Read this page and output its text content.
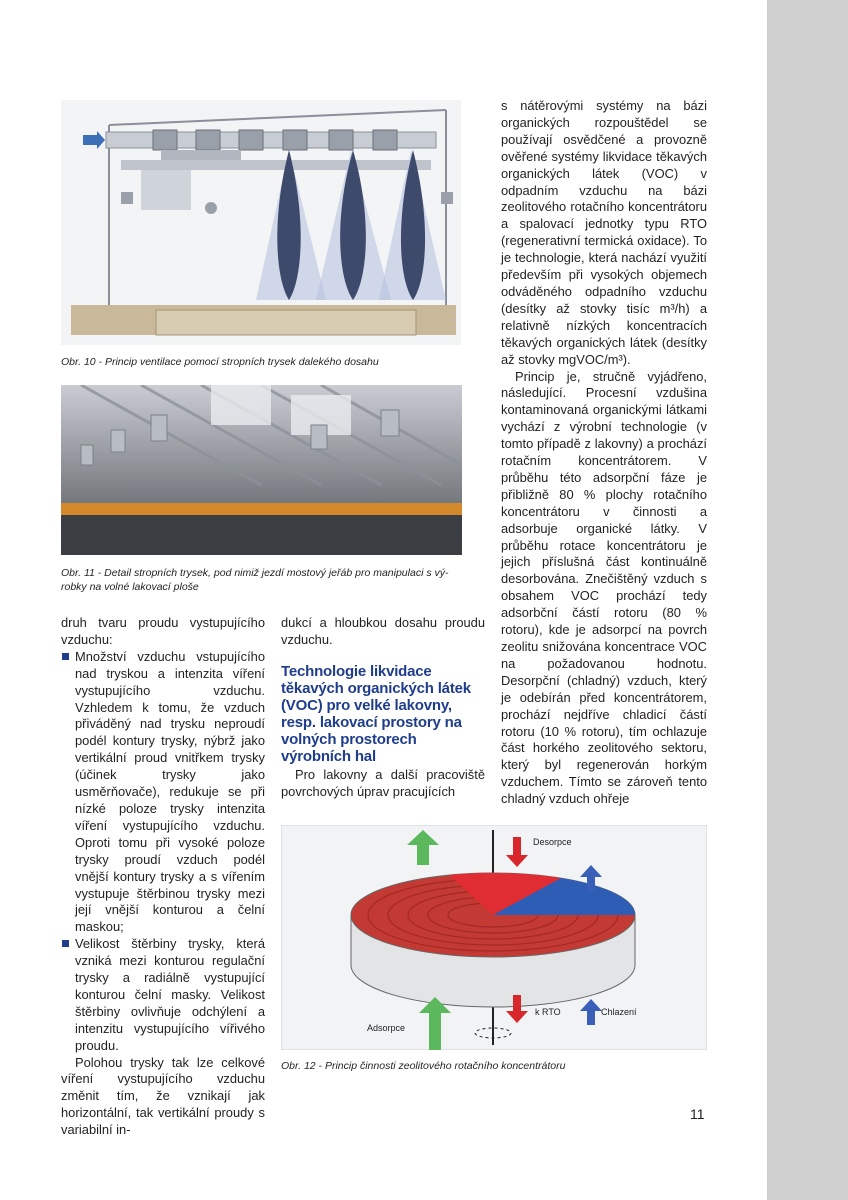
Obr. 10 - Princip ventilace pomocí stropních trysek dalekého dosahu
Obr. 11 - Detail stropních trysek, pod nimiž jezdí mostový jeřáb pro manipulaci s vý-
robky na volné lakovací ploše

druh tvaru proudu vystupujícího vzduchu:

Množství vzduchu vstupujícího nad tryskou a intenzita víření vystupujícího vzduchu. Vzhledem k tomu, že vzduch přiváděný nad trysku neproudí podél kontury trysky, nýbrž jako vertikální proud vnitřkem trysky (účinek trysky jako usměrňovače), redukuje se při nízké poloze trysky intenzita víření vystupujícího vzduchu. Oproti tomu při vysoké poloze trysky proudí vzduch podél vnější kontury trysky a s vířením vystupuje štěrbinou trysky mezi její vnější konturou a čelní maskou;

Velikost štěrbiny trysky, která vzniká mezi konturou regulační trysky a radiálně vystupující konturou čelní masky. Velikost štěrbiny ovlivňuje odchýlení a intenzitu vystupujícího vířivého proudu.

Polohou trysky tak lze celkové víření vystupujícího vzduchu změnit tím, že vznikají jak horizontální, tak vertikální proudy s variabilní in-

dukcí a hloubkou dosahu proudu vzduchu.

Technologie likvidace těkavých organických látek (VOC) pro velké lakovny, resp. lakovací prostory na volných prostorech výrobních hal

Pro lakovny a další pracoviště povrchových úprav pracujících

s nátěrovými systémy na bázi organických rozpouštědel se používají osvědčené a provozně ověřené systémy likvidace těkavých organických látek (VOC) v odpadním vzduchu na bázi zeolitového rotačního koncentrátoru a spalovací jednotky typu RTO (regenerativní termická oxidace). To je technologie, která nachází využití především při vysokých objemech odváděného odpadního vzduchu (desítky až stovky tisíc m³/h) a relativně nízkých koncentracích těkavých organických látek (desítky až stovky mgVOC/m³).

Princip je, stručně vyjádřeno, následující. Procesní vzdušina kontaminovaná organickými látkami vychází z výrobní technologie (v tomto případě z lakovny) a prochází rotačním koncentrátorem. V průběhu této adsorpční fáze je přibližně 80 % plochy rotačního koncentrátoru v činnosti a adsorbuje organické látky. V průběhu rotace koncentrátoru je jejich příslušná část kontinuálně desorbována. Znečištěný vzduch s obsahem VOC prochází tedy adsorbční částí rotoru (80 % rotoru), kde je adsorpcí na povrch zeolitu snižována koncentrace VOC na požadovanou hodnotu. Desorpční (chladný) vzduch, který je odebírán před koncentrátorem, prochází nejdříve chladicí částí rotoru (10 % rotoru), tím ochlazuje část horkého zeolitového sektoru, který byl regenerován horkým vzduchem. Tímto se zároveň tento chladný vzduch ohřeje

Desorpce
k RTO	Chlazení
Adsorpce
Obr. 12 - Princip činnosti zeolitového rotačního koncentrátoru
11
